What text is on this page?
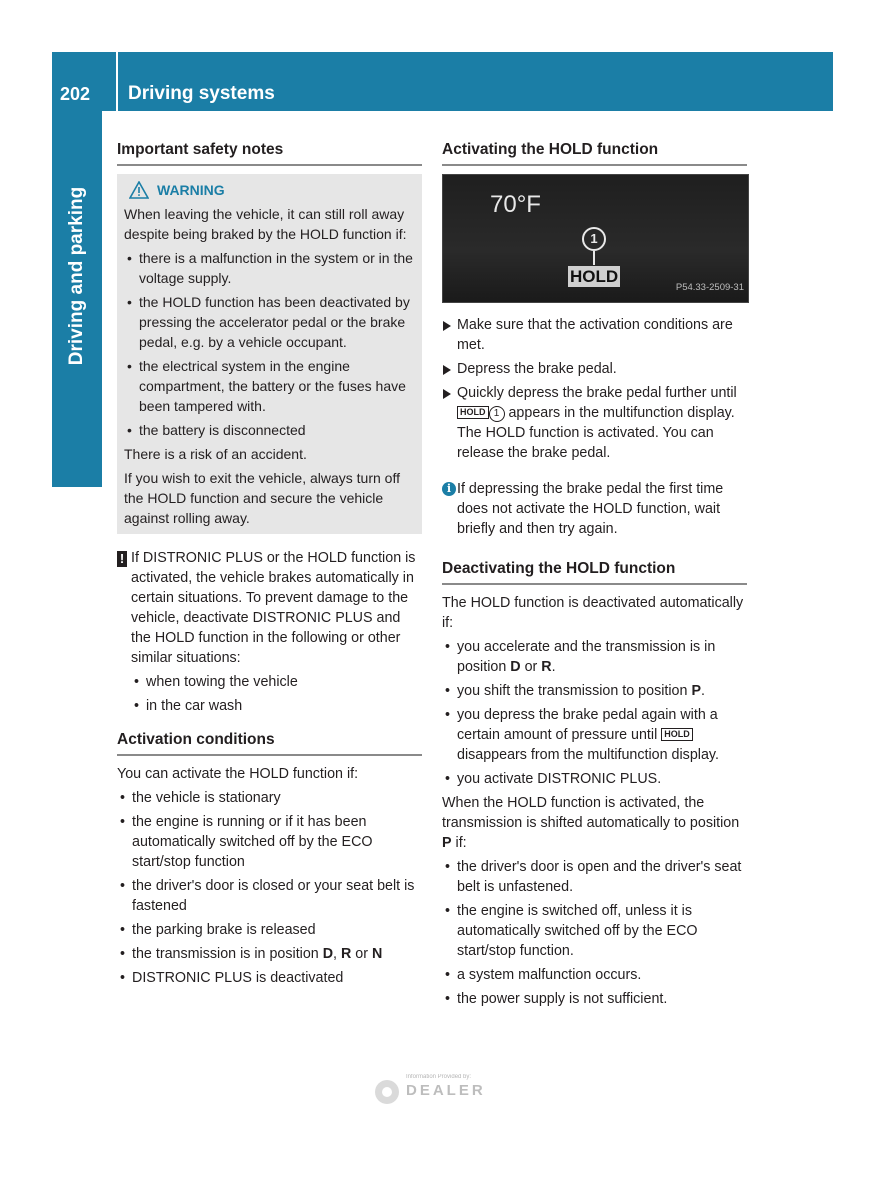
202	Driving systems
Driving and parking
Important safety notes
WARNING

When leaving the vehicle, it can still roll away despite being braked by the HOLD function if:

• there is a malfunction in the system or in the voltage supply.
• the HOLD function has been deactivated by pressing the accelerator pedal or the brake pedal, e.g. by a vehicle occupant.
• the electrical system in the engine compartment, the battery or the fuses have been tampered with.
• the battery is disconnected

There is a risk of an accident.

If you wish to exit the vehicle, always turn off the HOLD function and secure the vehicle against rolling away.

! If DISTRONIC PLUS or the HOLD function is activated, the vehicle brakes automatically in certain situations. To prevent damage to the vehicle, deactivate DISTRONIC PLUS and the HOLD function in the following or other similar situations:

• when towing the vehicle
• in the car wash
Activation conditions

You can activate the HOLD function if:

• the vehicle is stationary
• the engine is running or if it has been automatically switched off by the ECO start/stop function
• the driver's door is closed or your seat belt is fastened
• the parking brake is released
• the transmission is in position D, R or N
• DISTRONIC PLUS is deactivated
Activating the HOLD function
70°F
1
HOLD
P54.33-2509-31
Make sure that the activation conditions are met.
Depress the brake pedal.
Quickly depress the brake pedal further until HOLD 1 appears in the multifunction display.
The HOLD function is activated. You can release the brake pedal.
i If depressing the brake pedal the first time does not activate the HOLD function, wait briefly and then try again.
Deactivating the HOLD function

The HOLD function is deactivated automatically if:

• you accelerate and the transmission is in position D or R.
• you shift the transmission to position P.
• you depress the brake pedal again with a certain amount of pressure until HOLD disappears from the multifunction display.
• you activate DISTRONIC PLUS.

When the HOLD function is activated, the transmission is shifted automatically to position P if:

• the driver's door is open and the driver's seat belt is unfastened.
• the engine is switched off, unless it is automatically switched off by the ECO start/stop function.
• a system malfunction occurs.
• the power supply is not sufficient.
Information Provided by:
DEALER
